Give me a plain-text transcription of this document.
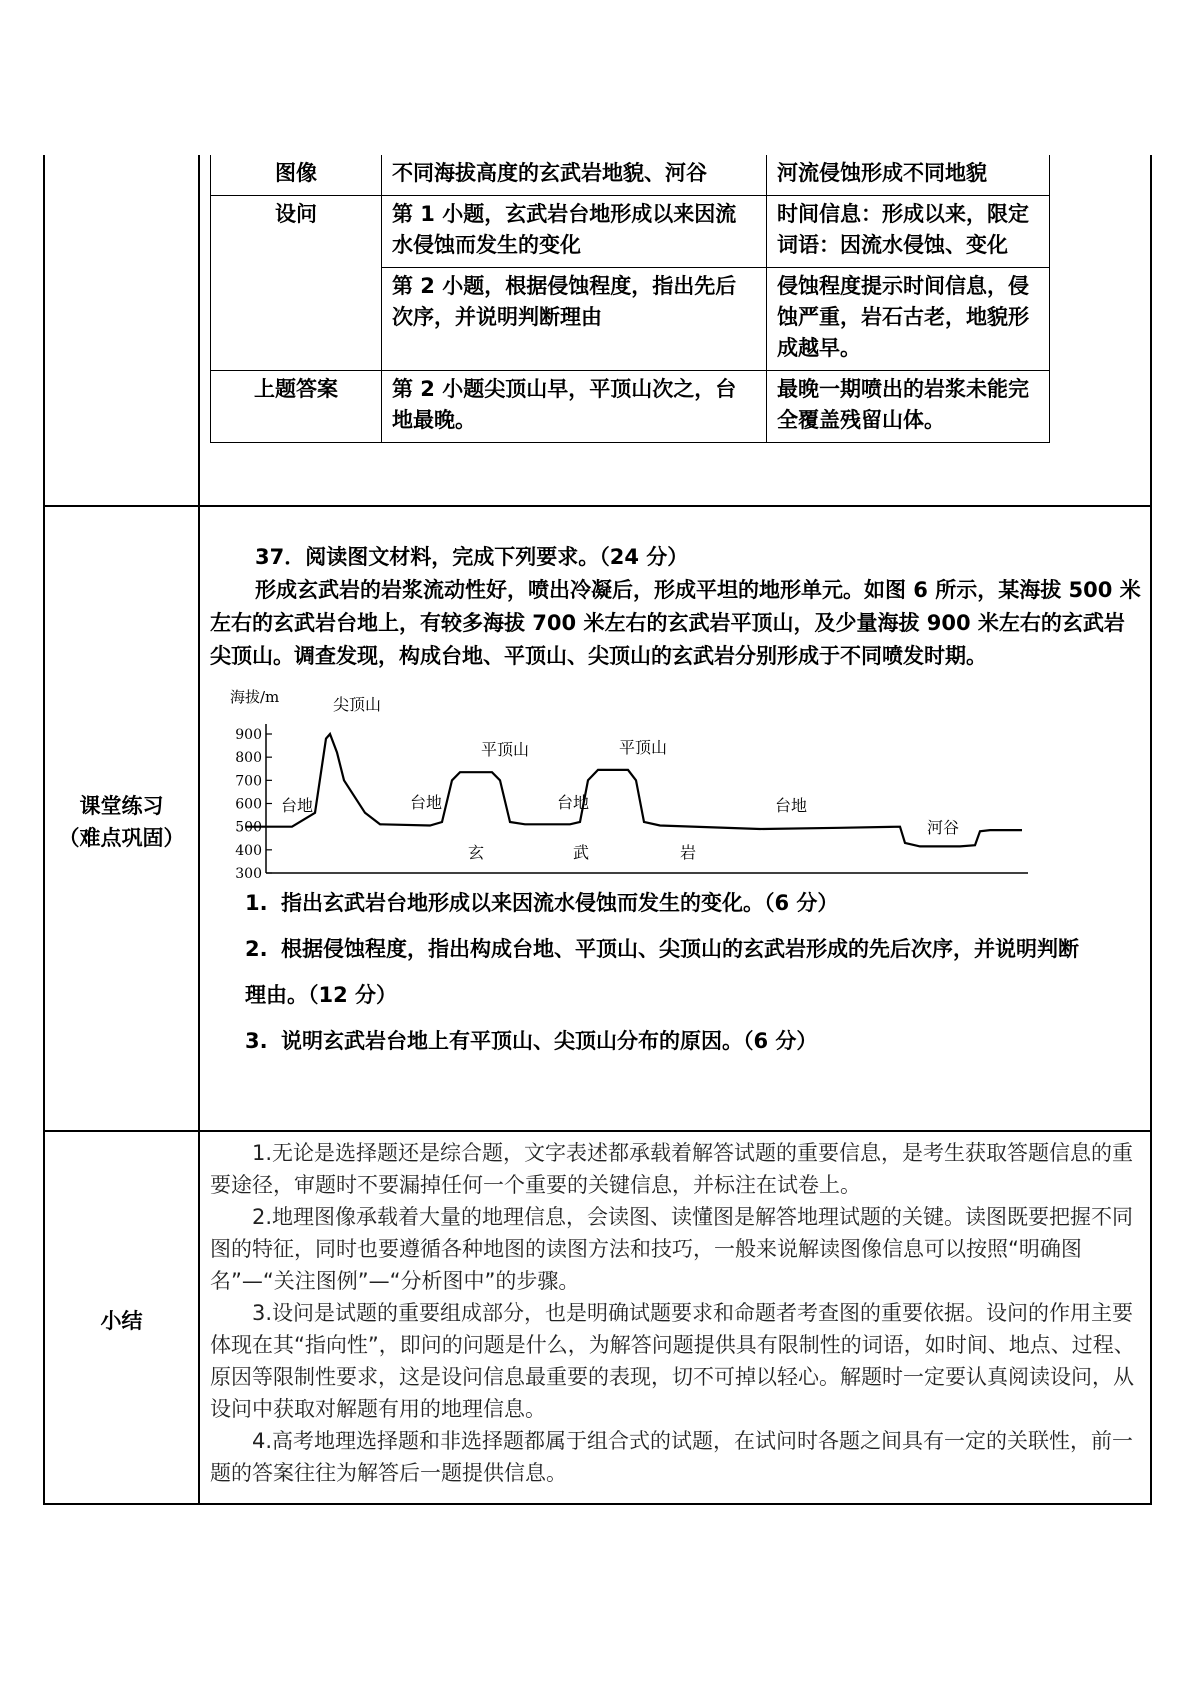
图像	不同海拔高度的玄武岩地貌、河谷	河流侵蚀形成不同地貌
设问	第 1 小题，玄武岩台地形成以来因流水侵蚀而发生的变化	时间信息：形成以来，限定词语：因流水侵蚀、变化
	第 2 小题，根据侵蚀程度，指出先后次序，并说明判断理由	侵蚀程度提示时间信息，侵蚀严重，岩石古老，地貌形成越早。
上题答案	第 2 小题尖顶山早，平顶山次之，台地最晚。	最晚一期喷出的岩浆未能完全覆盖残留山体。
课堂练习
（难点巩固）
37．阅读图文材料，完成下列要求。（24 分）

形成玄武岩的岩浆流动性好，喷出冷凝后，形成平坦的地形单元。如图 6 所示，某海拔 500 米左右的玄武岩台地上，有较多海拔 700 米左右的玄武岩平顶山，及少量海拔 900 米左右的玄武岩尖顶山。调查发现，构成台地、平顶山、尖顶山的玄武岩分别形成于不同喷发时期。

海拔/m
900
800
700
600
500
400
300
尖顶山
平顶山	平顶山
台地	台地	台地	台地
河谷
玄	武	岩
1. 指出玄武岩台地形成以来因流水侵蚀而发生的变化。（6 分）
2. 根据侵蚀程度，指出构成台地、平顶山、尖顶山的玄武岩形成的先后次序，并说明判断
理由。（12 分）
3. 说明玄武岩台地上有平顶山、尖顶山分布的原因。（6 分）
小结

1.无论是选择题还是综合题，文字表述都承载着解答试题的重要信息，是考生获取答题信息的重要途径，审题时不要漏掉任何一个重要的关键信息，并标注在试卷上。

2.地理图像承载着大量的地理信息，会读图、读懂图是解答地理试题的关键。读图既要把握不同图的特征，同时也要遵循各种地图的读图方法和技巧，一般来说解读图像信息可以按照“明确图名”—“关注图例”—“分析图中”的步骤。

3.设问是试题的重要组成部分，也是明确试题要求和命题者考查图的重要依据。设问的作用主要体现在其“指向性”，即问的问题是什么，为解答问题提供具有限制性的词语，如时间、地点、过程、原因等限制性要求，这是设问信息最重要的表现，切不可掉以轻心。解题时一定要认真阅读设问，从设问中获取对解题有用的地理信息。

4.高考地理选择题和非选择题都属于组合式的试题，在试问时各题之间具有一定的关联性，前一题的答案往往为解答后一题提供信息。
